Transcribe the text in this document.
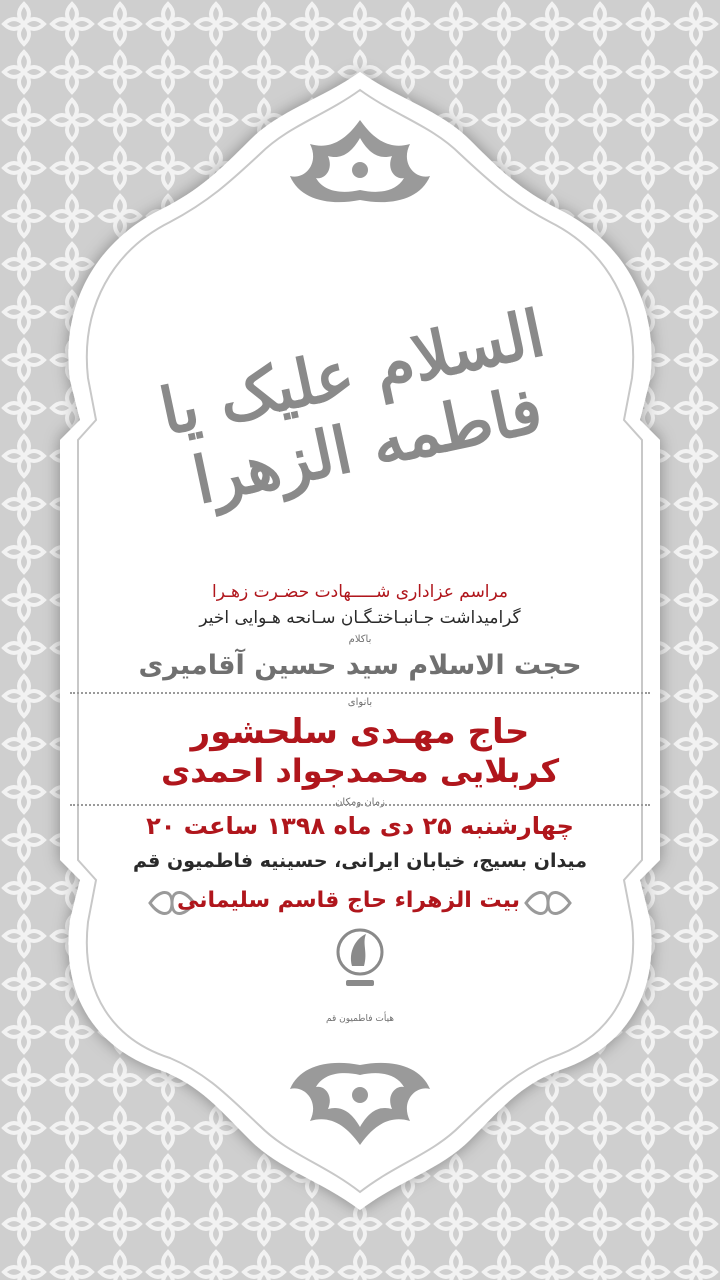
السلام علیک یا فاطمه الزهرا
مراسم عزاداری شـــــهادت حضـرت زهـرا
گرامیداشت جـانبـاختـگـان سـانحه هـوایی اخیر
باکلام
حجت الاسلام سید حسین آقامیری
بانوای
حاج مهـدی سلحشور
کربلایی محمدجواد احمدی
زمان ومکان
چهارشنبه ۲۵ دی ماه ۱۳۹۸ ساعت ۲۰
میدان بسیج، خیابان ایرانی، حسینیه فاطمیون قم
بیت الزهراء حاج قاسم سلیمانی
هیأت فاطمیون قم
